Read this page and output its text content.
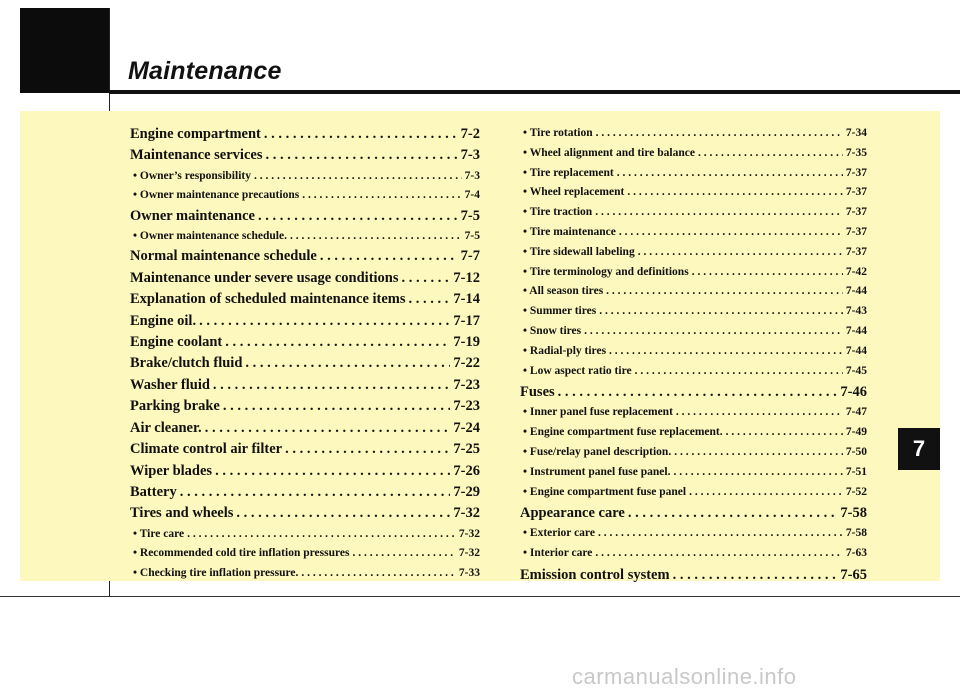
Maintenance
7
Engine compartment . . .	7-2
Maintenance services . . .	7-3
• Owner’s responsibility . . .	7-3
• Owner maintenance precautions . . .	7-4
Owner maintenance . . .	7-5
• Owner maintenance schedule. . . .	7-5
Normal maintenance schedule . . .	7-7
Maintenance under severe usage conditions . . .	7-12
Explanation of scheduled maintenance items . . .	7-14
Engine oil. . . .	7-17
Engine coolant . . .	7-19
Brake/clutch fluid . . .	7-22
Washer fluid . . .	7-23
Parking brake . . .	7-23
Air cleaner. . . .	7-24
Climate control air filter . . .	7-25
Wiper blades . . .	7-26
Battery . . .	7-29
Tires and wheels . . .	7-32
• Tire care . . .	7-32
• Recommended cold tire inflation pressures . . .	7-32
• Checking tire inflation pressure. . . .	7-33
• Tire rotation . . .	7-34
• Wheel alignment and tire balance . . .	7-35
• Tire replacement . . .	7-37
• Wheel replacement . . .	7-37
• Tire traction . . .	7-37
• Tire maintenance . . .	7-37
• Tire sidewall labeling . . .	7-37
• Tire terminology and definitions . . .	7-42
• All season tires . . .	7-44
• Summer tires . . .	7-43
• Snow tires . . .	7-44
• Radial-ply tires . . .	7-44
• Low aspect ratio tire . . .	7-45
Fuses . . .	7-46
• Inner panel fuse replacement . . .	7-47
• Engine compartment fuse replacement. . . .	7-49
• Fuse/relay panel description. . . .	7-50
• Instrument panel fuse panel. . . .	7-51
• Engine compartment fuse panel . . .	7-52
Appearance care . . .	7-58
• Exterior care . . .	7-58
• Interior care . . .	7-63
Emission control system . . .	7-65
carmanualsonline.info
